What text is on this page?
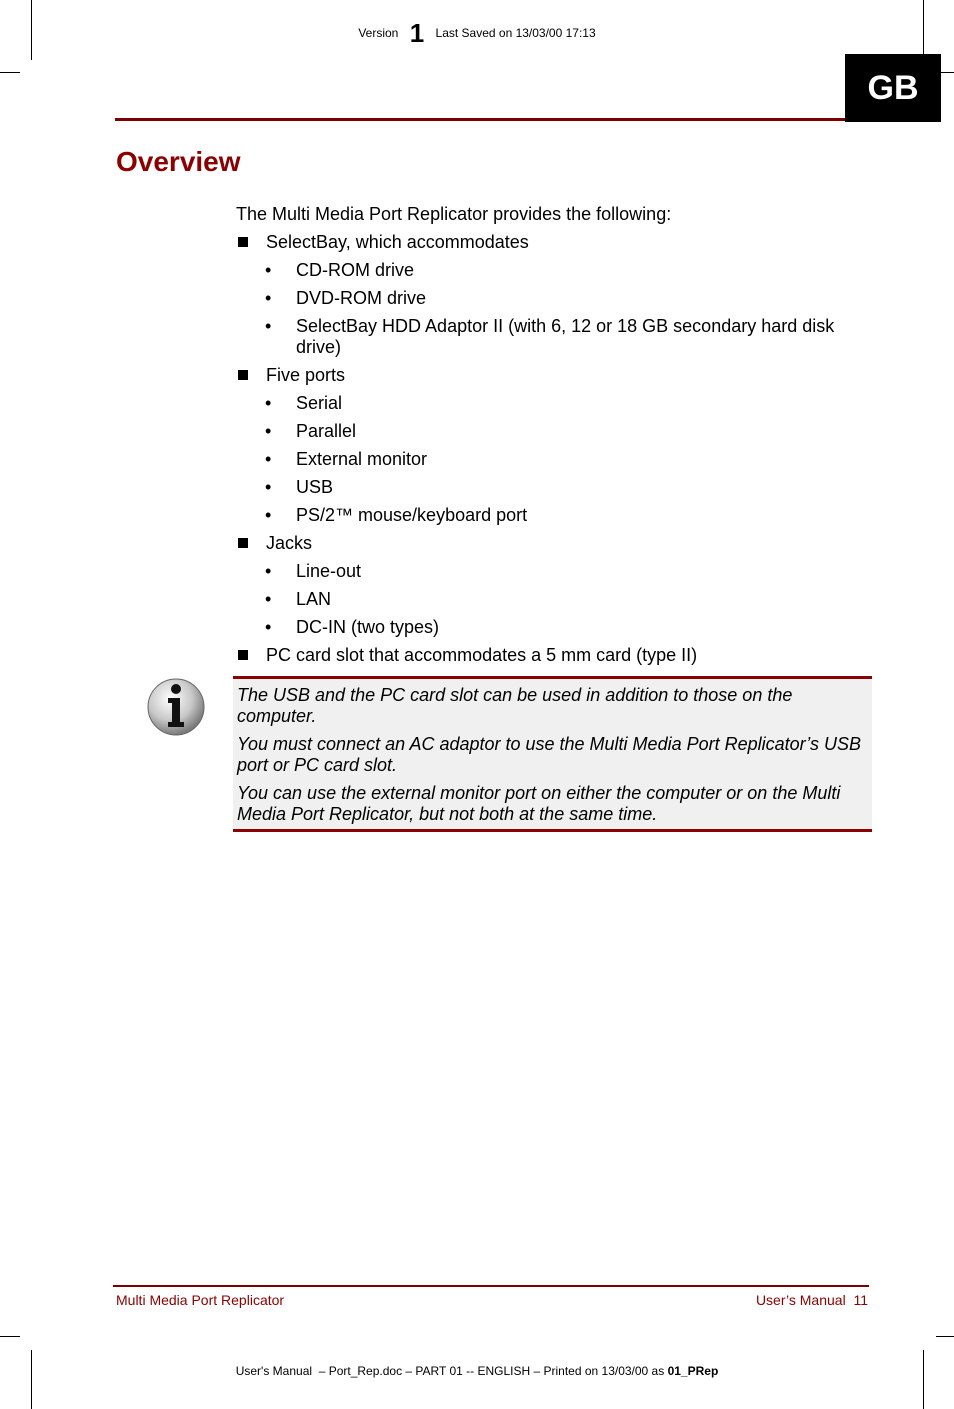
Version 1 Last Saved on 13/03/00 17:13
GB
Overview

The Multi Media Port Replicator provides the following:

SelectBay, which accommodates
• CD-ROM drive
• DVD-ROM drive
• SelectBay HDD Adaptor II (with 6, 12 or 18 GB secondary hard disk drive)
Five ports
• Serial
• Parallel
• External monitor
• USB
• PS/2™ mouse/keyboard port
Jacks
• Line-out
• LAN
• DC-IN (two types)
PC card slot that accommodates a 5 mm card (type II)

The USB and the PC card slot can be used in addition to those on the computer.

You must connect an AC adaptor to use the Multi Media Port Replicator’s USB port or PC card slot.

You can use the external monitor port on either the computer or on the Multi Media Port Replicator, but not both at the same time.

Multi Media Port Replicator	User’s Manual  11
User's Manual  – Port_Rep.doc – PART 01 -- ENGLISH – Printed on 13/03/00 as 01_PRep
